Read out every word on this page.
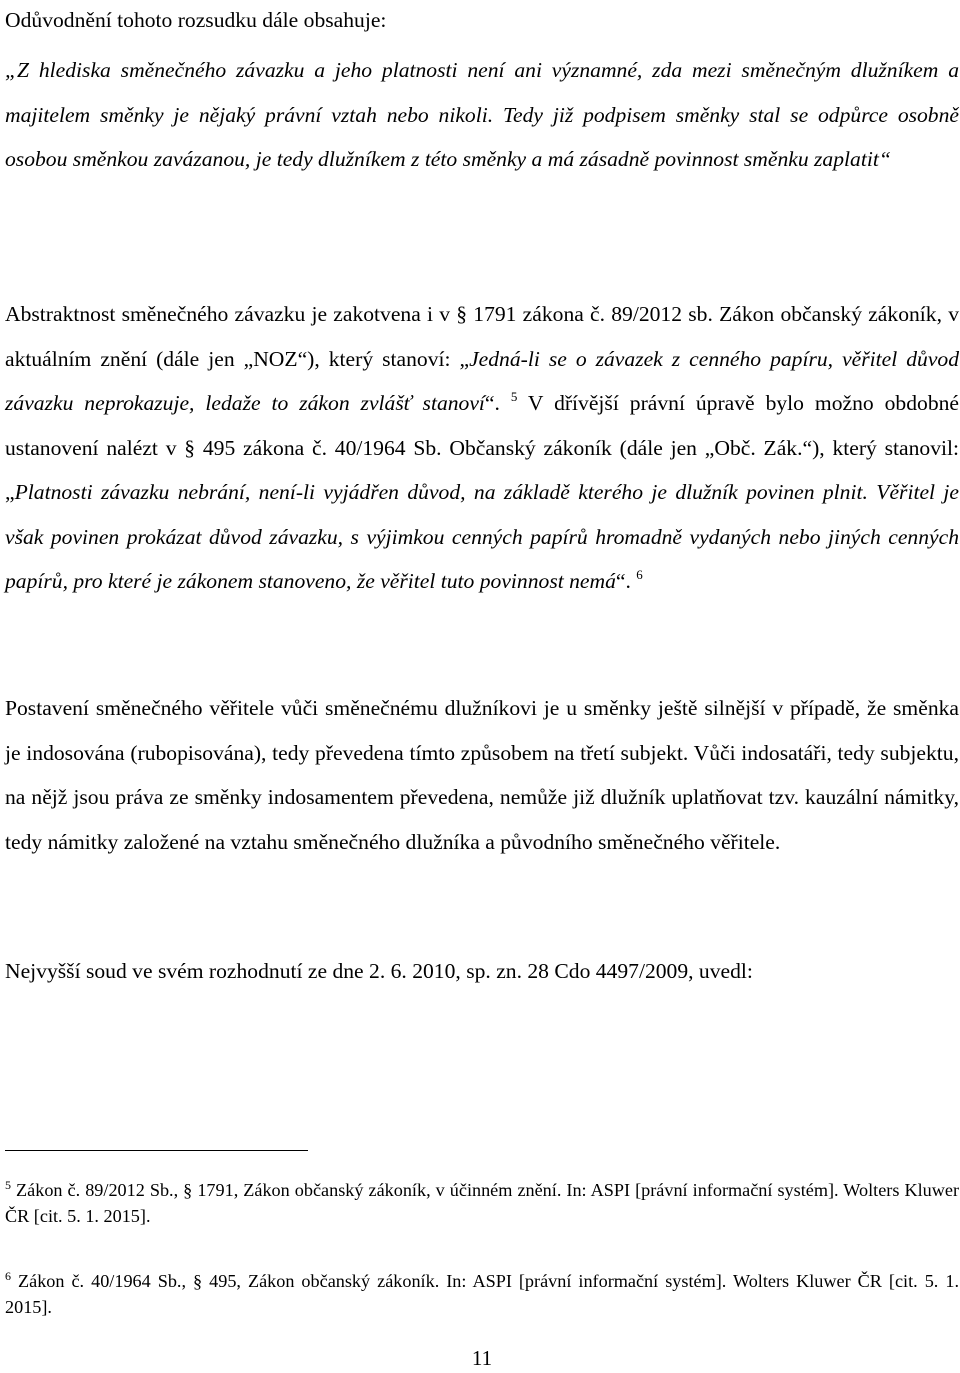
Odůvodnění tohoto rozsudku dále obsahuje:

„Z hlediska směnečného závazku a jeho platnosti není ani významné, zda mezi směnečným dlužníkem a majitelem směnky je nějaký právní vztah nebo nikoli. Tedy již podpisem směnky stal se odpůrce osobně osobou směnkou zavázanou, je tedy dlužníkem z této směnky a má zásadně povinnost směnku zaplatit“

Abstraktnost směnečného závazku je zakotvena i v § 1791 zákona č. 89/2012 sb. Zákon občanský zákoník, v aktuálním znění (dále jen „NOZ“), který stanoví: „Jedná-li se o závazek z cenného papíru, věřitel důvod závazku neprokazuje, ledaže to zákon zvlášť stanoví“. $^5$ V dřívější právní úpravě bylo možno obdobné ustanovení nalézt v § 495 zákona č. 40/1964 Sb. Občanský zákoník (dále jen „Obč. Zák.“), který stanovil: „Platnosti závazku nebrání, není-li vyjádřen důvod, na základě kterého je dlužník povinen plnit. Věřitel je však povinen prokázat důvod závazku, s výjimkou cenných papírů hromadně vydaných nebo jiných cenných papírů, pro které je zákonem stanoveno, že věřitel tuto povinnost nemá“. $^6$

Postavení směnečného věřitele vůči směnečnému dlužníkovi je u směnky ještě silnější v případě, že směnka je indosována (rubopisována), tedy převedena tímto způsobem na třetí subjekt. Vůči indosatáři, tedy subjektu, na nějž jsou práva ze směnky indosamentem převedena, nemůže již dlužník uplatňovat tzv. kauzální námitky, tedy námitky založené na vztahu směnečného dlužníka a původního směnečného věřitele.

Nejvyšší soud ve svém rozhodnutí ze dne 2. 6. 2010, sp. zn. 28 Cdo 4497/2009, uvedl:

$^5$ Zákon č. 89/2012 Sb., § 1791, Zákon občanský zákoník, v účinném znění. In: ASPI [právní informační systém]. Wolters Kluwer ČR [cit. 5. 1. 2015].

$^6$ Zákon č. 40/1964 Sb., § 495, Zákon občanský zákoník. In: ASPI [právní informační systém]. Wolters Kluwer ČR [cit. 5. 1. 2015].

11
